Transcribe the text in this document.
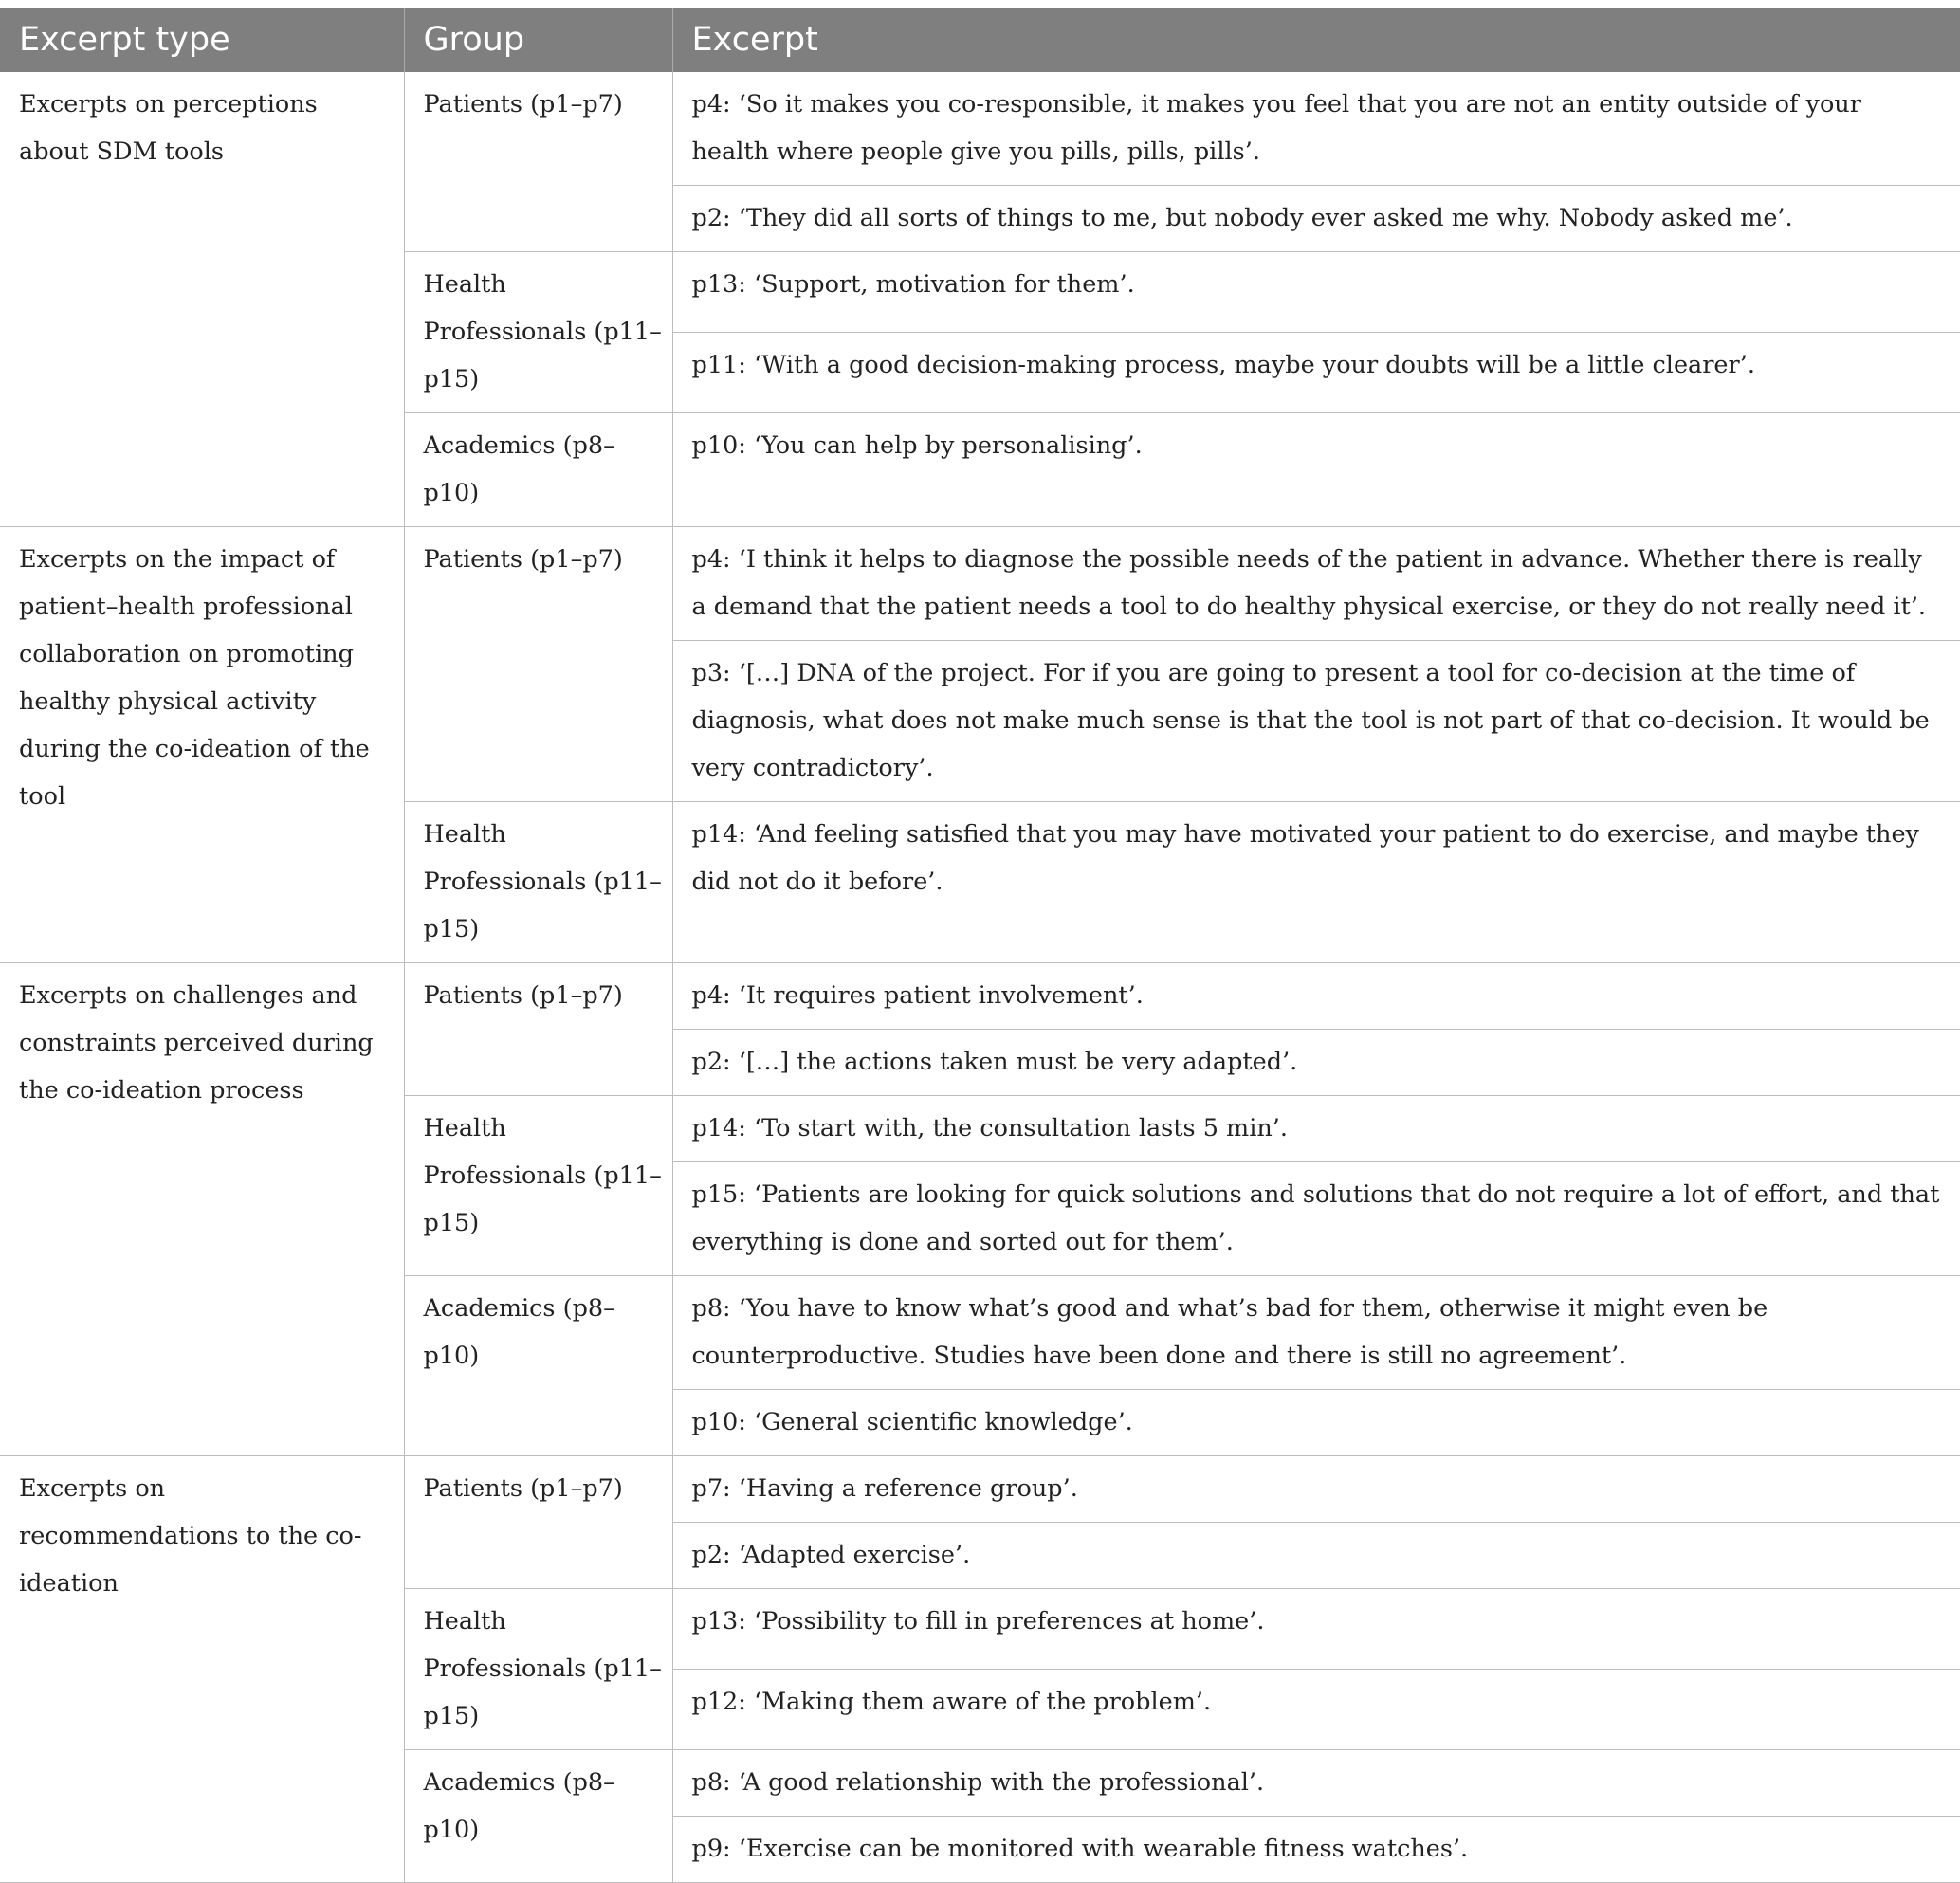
Excerpt type	Group	Excerpt
Excerpts on perceptions about SDM tools	Patients (p1–p7)	p4: ‘So it makes you co-responsible, it makes you feel that you are not an entity outside of your health where people give you pills, pills, pills’.
		p2: ‘They did all sorts of things to me, but nobody ever asked me why. Nobody asked me’.
	Health Professionals (p11–p15)	p13: ‘Support, motivation for them’.
		p11: ‘With a good decision-making process, maybe your doubts will be a little clearer’.
	Academics (p8–p10)	p10: ‘You can help by personalising’.
Excerpts on the impact of patient–health professional collaboration on promoting healthy physical activity during the co-ideation of the tool	Patients (p1–p7)	p4: ‘I think it helps to diagnose the possible needs of the patient in advance. Whether there is really a demand that the patient needs a tool to do healthy physical exercise, or they do not really need it’.
		p3: ‘[…] DNA of the project. For if you are going to present a tool for co-decision at the time of diagnosis, what does not make much sense is that the tool is not part of that co-decision. It would be very contradictory’.
	Health Professionals (p11–p15)	p14: ‘And feeling satisfied that you may have motivated your patient to do exercise, and maybe they did not do it before’.
Excerpts on challenges and constraints perceived during the co-ideation process	Patients (p1–p7)	p4: ‘It requires patient involvement’.
		p2: ‘[…] the actions taken must be very adapted’.
	Health Professionals (p11–p15)	p14: ‘To start with, the consultation lasts 5 min’.
		p15: ‘Patients are looking for quick solutions and solutions that do not require a lot of effort, and that everything is done and sorted out for them’.
	Academics (p8–p10)	p8: ‘You have to know what’s good and what’s bad for them, otherwise it might even be counterproductive. Studies have been done and there is still no agreement’.
		p10: ‘General scientific knowledge’.
Excerpts on recommendations to the co-ideation	Patients (p1–p7)	p7: ‘Having a reference group’.
		p2: ‘Adapted exercise’.
	Health Professionals (p11–p15)	p13: ‘Possibility to fill in preferences at home’.
		p12: ‘Making them aware of the problem’.
	Academics (p8–p10)	p8: ‘A good relationship with the professional’.
		p9: ‘Exercise can be monitored with wearable fitness watches’.
